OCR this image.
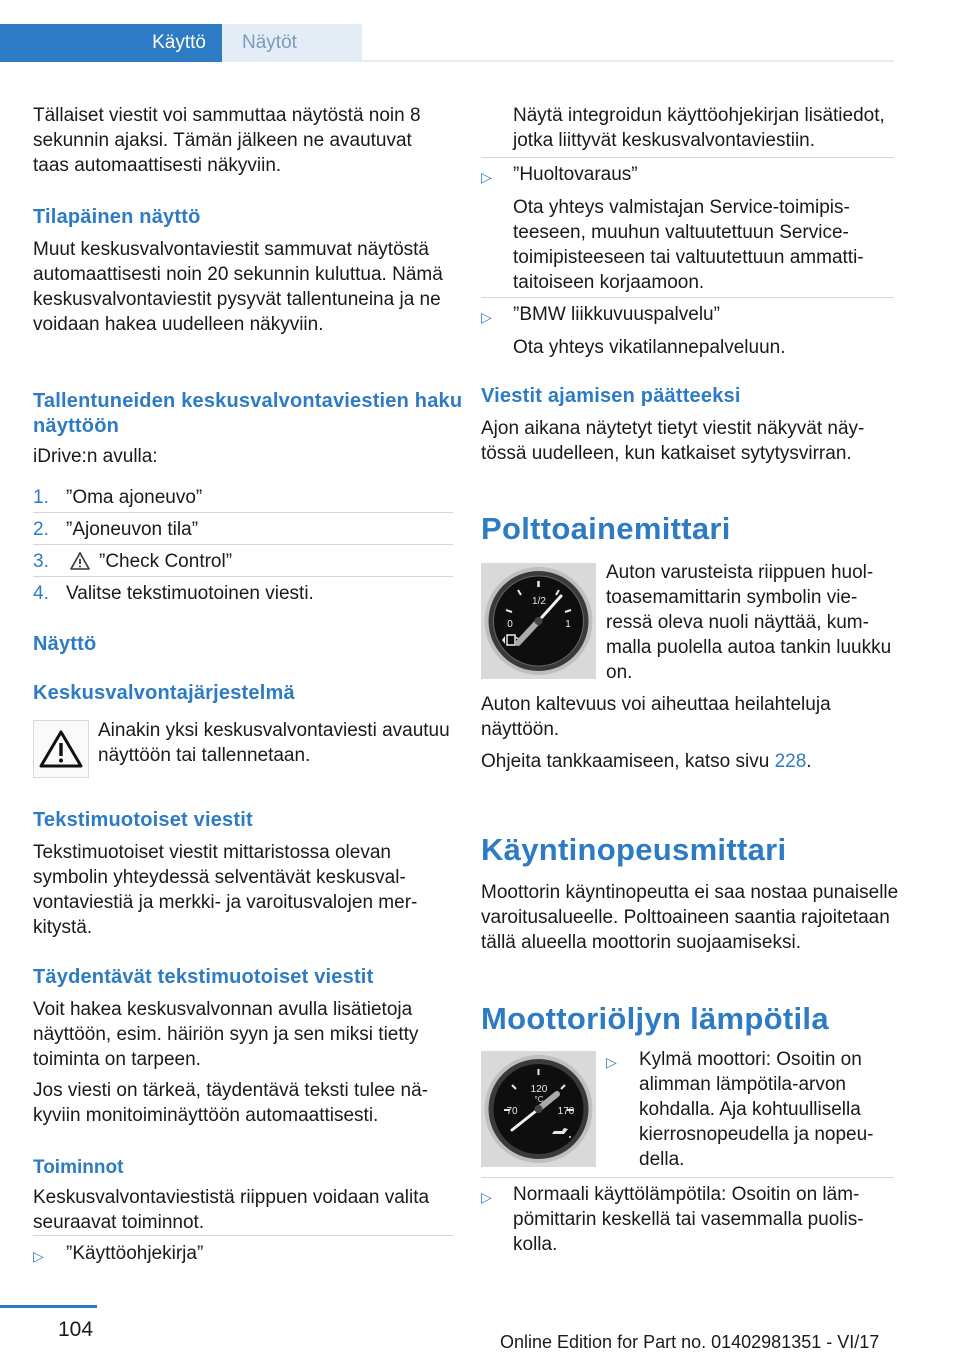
Käyttö	Näytöt

Tällaiset viestit voi sammuttaa näytöstä noin 8 sekunnin ajaksi. Tämän jälkeen ne avautuvat taas automaattisesti näkyviin.

Tilapäinen näyttö

Muut keskusvalvontaviestit sammuvat näytöstä automaattisesti noin 20 sekunnin kuluttua. Nämä keskusvalvontaviestit pysyvät tallentuneina ja ne voidaan hakea uudelleen näkyviin.

Tallentuneiden keskusvalvontaviestien haku näyttöön

iDrive:n avulla:

1. ”Oma ajoneuvo”
2. ”Ajoneuvon tila”
3.	”Check Control”
4. Valitse tekstimuotoinen viesti.
Näyttö
Keskusvalvontajärjestelmä

Ainakin yksi keskusvalvontaviesti avautuu näyttöön tai tallennetaan.

Tekstimuotoiset viestit

Tekstimuotoiset viestit mittaristossa olevan symbolin yhteydessä selventävät keskusvalvontaviestiä ja merkki- ja varoitusvalojen merkitystä.

Täydentävät tekstimuotoiset viestit

Voit hakea keskusvalvonnan avulla lisätietoja näyttöön, esim. häiriön syyn ja sen miksi tietty toiminta on tarpeen.

Jos viesti on tärkeä, täydentävä teksti tulee näkyviin monitoiminäyttöön automaattisesti.

Toiminnot

Keskusvalvontaviestistä riippuen voidaan valita seuraavat toiminnot.

▷ ”Käyttöohjekirja”

Näytä integroidun käyttöohjekirjan lisätiedot, jotka liittyvät keskusvalvontaviestiin.

▷ ”Huoltovaraus”

Ota yhteys valmistajan Service-toimipisteeseen, muuhun valtuutettuun Service-toimipisteeseen tai valtuutettuun ammattitaitoiseen korjaamoon.

▷ ”BMW liikkuvuuspalvelu”

Ota yhteys vikatilannepalveluun.

Viestit ajamisen päätteeksi

Ajon aikana näytetyt tietyt viestit näkyvät näytössä uudelleen, kun katkaiset sytytysvirran.

Polttoainemittari
1/2
0	1

Auton varusteista riippuen huoltoasemamittarin symbolin vieressä oleva nuoli näyttää, kummalla puolella autoa tankin luukku on.

Auton kaltevuus voi aiheuttaa heilahteluja näyttöön.

Ohjeita tankkaamiseen, katso sivu 228.

Käyntinopeusmittari

Moottorin käyntinopeutta ei saa nostaa punaiselle varoitusalueelle. Polttoaineen saantia rajoitetaan tällä alueella moottorin suojaamiseksi.

Moottoriöljyn lämpötila
120
°C
70	170
▷ Kylmä moottori: Osoitin on alimman lämpötila-arvon kohdalla. Aja kohtuullisella kierrosnopeudella ja nopeudella.

▷ Normaali käyttölämpötila: Osoitin on lämpömittarin keskellä tai vasemmalla puoliskolla.

104
Online Edition for Part no. 01402981351 - VI/17
